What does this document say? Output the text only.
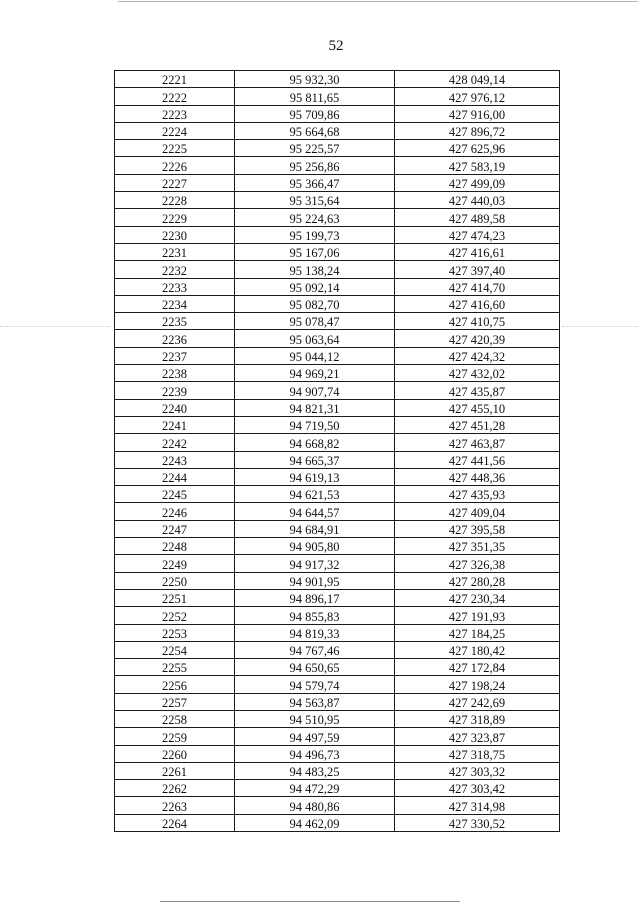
52
2221	95 932,30	428 049,14
2222	95 811,65	427 976,12
2223	95 709,86	427 916,00
2224	95 664,68	427 896,72
2225	95 225,57	427 625,96
2226	95 256,86	427 583,19
2227	95 366,47	427 499,09
2228	95 315,64	427 440,03
2229	95 224,63	427 489,58
2230	95 199,73	427 474,23
2231	95 167,06	427 416,61
2232	95 138,24	427 397,40
2233	95 092,14	427 414,70
2234	95 082,70	427 416,60
2235	95 078,47	427 410,75
2236	95 063,64	427 420,39
2237	95 044,12	427 424,32
2238	94 969,21	427 432,02
2239	94 907,74	427 435,87
2240	94 821,31	427 455,10
2241	94 719,50	427 451,28
2242	94 668,82	427 463,87
2243	94 665,37	427 441,56
2244	94 619,13	427 448,36
2245	94 621,53	427 435,93
2246	94 644,57	427 409,04
2247	94 684,91	427 395,58
2248	94 905,80	427 351,35
2249	94 917,32	427 326,38
2250	94 901,95	427 280,28
2251	94 896,17	427 230,34
2252	94 855,83	427 191,93
2253	94 819,33	427 184,25
2254	94 767,46	427 180,42
2255	94 650,65	427 172,84
2256	94 579,74	427 198,24
2257	94 563,87	427 242,69
2258	94 510,95	427 318,89
2259	94 497,59	427 323,87
2260	94 496,73	427 318,75
2261	94 483,25	427 303,32
2262	94 472,29	427 303,42
2263	94 480,86	427 314,98
2264	94 462,09	427 330,52
